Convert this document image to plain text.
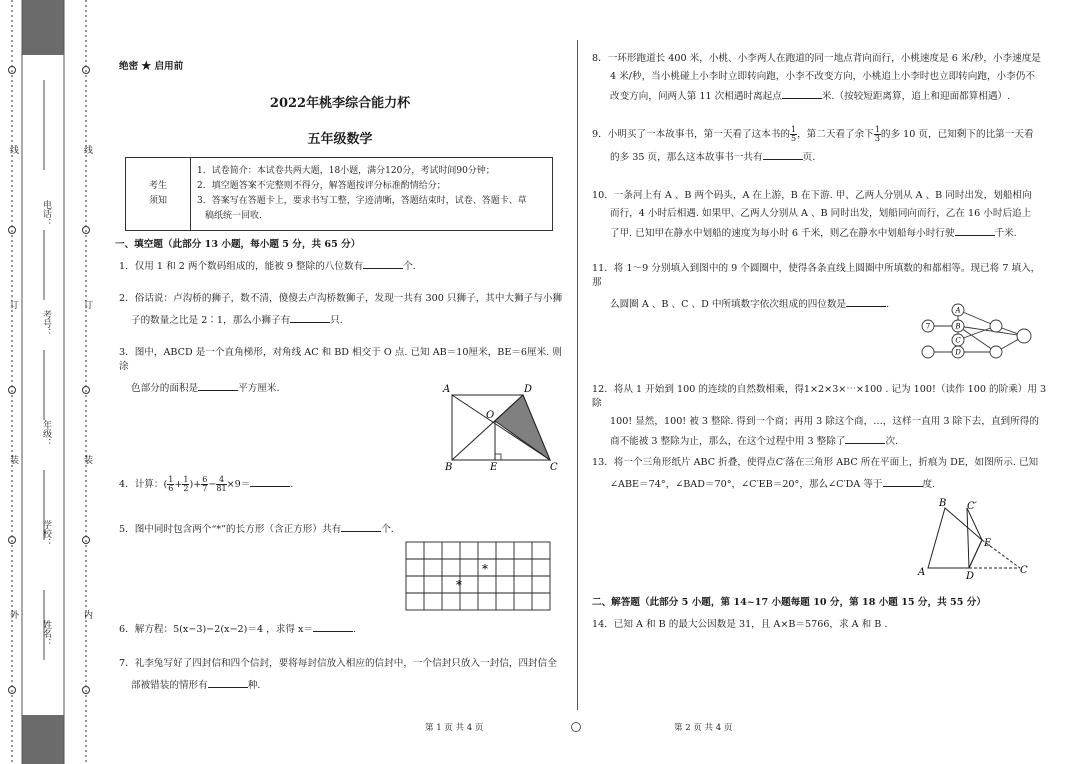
外
装
订
线
内
装
订
线
姓名：
学校：
年级：
考号：
电话：
绝密 ★ 启用前
2022年桃李综合能力杯
五年级数学
考生
须知	
1．试卷简介：本试卷共两大题，18小题，满分120分，考试时间90分钟；
2．填空题答案不完整则不得分，解答题按评分标准酌情给分；
3．答案写在答题卡上，要求书写工整，字迹清晰，答题结束时，试卷、答题卡、草
稿纸统一回收.
一、填空题（此部分 13 小题，每小题 5 分，共 65 分）
1．仅用 1 和 2 两个数码组成的，能被 9 整除的八位数有	个.
2．俗话说：卢沟桥的狮子，数不清，傻傻去卢沟桥数狮子，发现一共有 300 只狮子，其中大狮子与小狮
子的数量之比是 2∶1，那么小狮子有	只.
3．图中，ABCD 是一个直角梯形，对角线 AC 和 BD 相交于 O 点. 已知 AB＝10厘米，BE＝6厘米. 则涂
色部分的面积是	平方厘米.	A	D
O
B	E	C
4．计算：( $\frac{1}{6} + \frac{1}{2}$ )+ $\frac{6}{7} - \frac{4}{81} \times 9=$	.
5．图中同时包含两个“*”的长方形（含正方形）共有	个.
*
*
6．解方程：5(x−3)−2(x−2)＝4 ，求得 x＝	.
7．礼李兔写好了四封信和四个信封，要将每封信放入相应的信封中，一个信封只放入一封信，四封信全
部被错装的情形有	种.
第 1 页 共 4 页
8．一环形跑道长 400 米，小桃、小李两人在跑道的同一地点背向而行，小桃速度是 6 米/秒，小李速度是
4 米/秒，当小桃碰上小李时立即转向跑，小李不改变方向，小桃追上小李时也立即转向跑，小李仍不
改变方向，问两人第 11 次相遇时离起点	米.（按较短距离算，追上和迎面都算相遇）.
9．小明买了一本故事书，第一天看了这本书的 $\frac{1}{5}$ ，第二天看了余下 $\frac{1}{3}$ 的多 10 页，已知剩下的比第一天看
的多 35 页，那么这本故事书一共有	页.
10．一条河上有 A 、B 两个码头，A 在上游，B 在下游. 甲、乙两人分别从 A 、B 同时出发，划船相向
而行，4 小时后相遇. 如果甲、乙两人分别从 A 、B 同时出发，划船同向而行，乙在 16 小时后追上
了甲. 已知甲在静水中划船的速度为每小时 6 千米，则乙在静水中划船每小时行驶	千米.
11．将 1～9 分别填入到图中的 9 个圆圈中，使得各条直线上圆圈中所填数的和都相等。现已将 7 填入，那
么圆圈 A 、B 、C 、D 中所填数字依次组成的四位数是	.
A
7	B
C
D
12．将从 1 开始到 100 的连续的自然数相乘，得1×2×3×⋯×100 . 记为 100!（读作 100 的阶乘）用 3 除
100! 显然，100! 被 3 整除. 得到一个商；再用 3 除这个商，…，这样一直用 3 除下去，直到所得的
商不能被 3 整除为止，那么，在这个过程中用 3 整除了	次.
13．将一个三角形纸片 ABC 折叠，使得点C′落在三角形 ABC 所在平面上，折痕为 DE，如图所示. 已知
∠ABE＝74°，∠BAD＝70°，∠C′EB＝20°，那么∠C′DA 等于	度.
B C′
E
A	D
C
二、解答题（此部分 5 小题，第 14~17 小题每题 10 分，第 18 小题 15 分，共 55 分）
14．已知 A 和 B 的最大公因数是 31，且 A×B＝5766，求 A 和 B .
第 2 页 共 4 页
